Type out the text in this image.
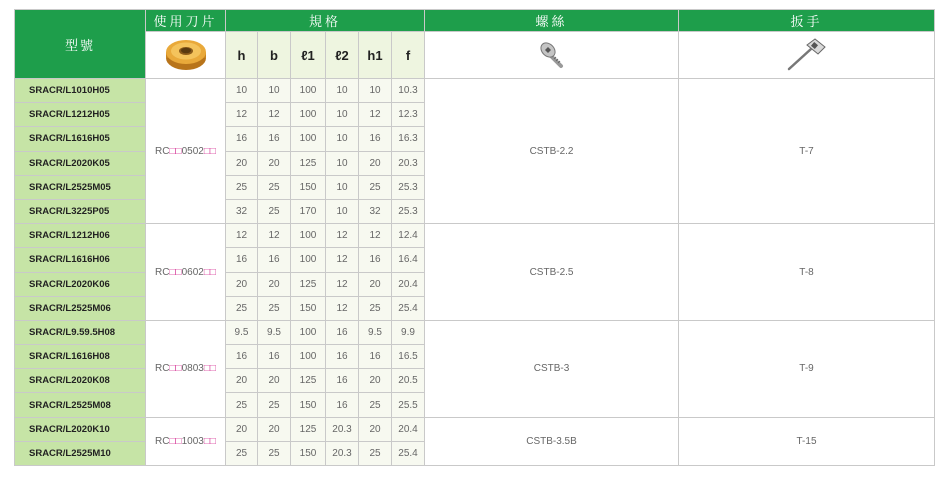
型號	使用刀片	規格						螺絲	扳手
	h	b	ℓ1	ℓ2	h1	f		
SRACR/L1010H05	RC□□0502□□	10	10	100	10	10	10.3	CSTB-2.2	T-7
SRACR/L1212H05		12	12	100	10	12	12.3		
SRACR/L1616H05		16	16	100	10	16	16.3		
SRACR/L2020K05		20	20	125	10	20	20.3		
SRACR/L2525M05		25	25	150	10	25	25.3		
SRACR/L3225P05		32	25	170	10	32	25.3		
SRACR/L1212H06	RC□□0602□□	12	12	100	12	12	12.4	CSTB-2.5	T-8
SRACR/L1616H06		16	16	100	12	16	16.4		
SRACR/L2020K06		20	20	125	12	20	20.4		
SRACR/L2525M06		25	25	150	12	25	25.4		
SRACR/L9.59.5H08	RC□□0803□□	9.5	9.5	100	16	9.5	9.9	CSTB-3	T-9
SRACR/L1616H08		16	16	100	16	16	16.5		
SRACR/L2020K08		20	20	125	16	20	20.5		
SRACR/L2525M08		25	25	150	16	25	25.5		
SRACR/L2020K10	RC□□1003□□	20	20	125	20.3	20	20.4	CSTB-3.5B	T-15
SRACR/L2525M10		25	25	150	20.3	25	25.4		
